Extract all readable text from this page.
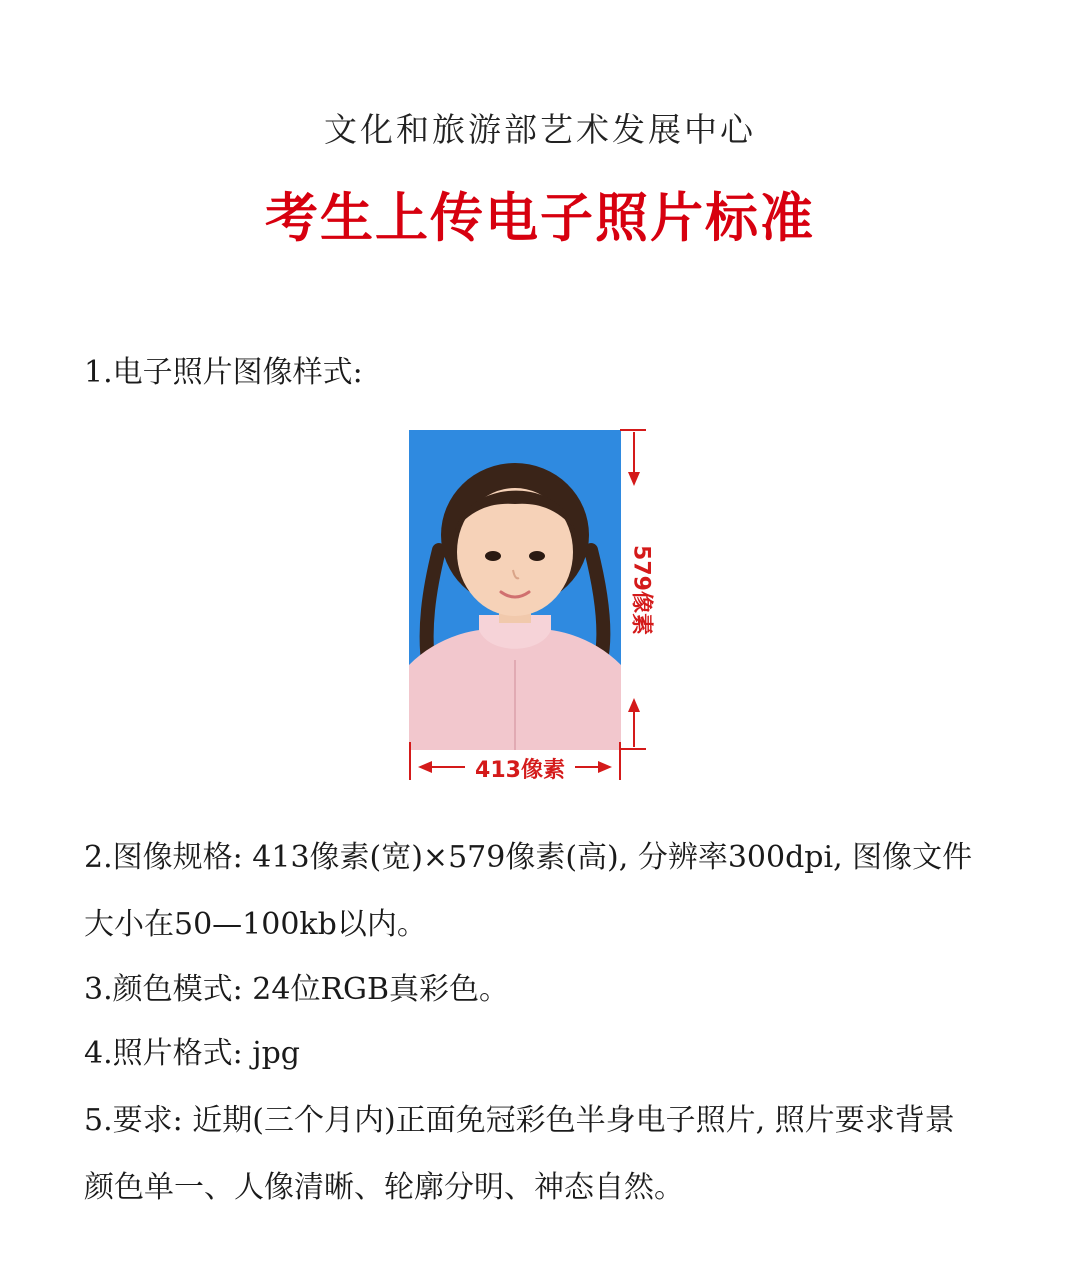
文化和旅游部艺术发展中心
考生上传电子照片标准
1.电子照片图像样式:
413像素
579像素
2.图像规格: 413像素(宽)×579像素(高), 分辨率300dpi, 图像文件
大小在50—100kb以内。
3.颜色模式: 24位RGB真彩色。
4.照片格式: jpg
5.要求: 近期(三个月内)正面免冠彩色半身电子照片, 照片要求背景
颜色单一、人像清晰、轮廓分明、神态自然。
